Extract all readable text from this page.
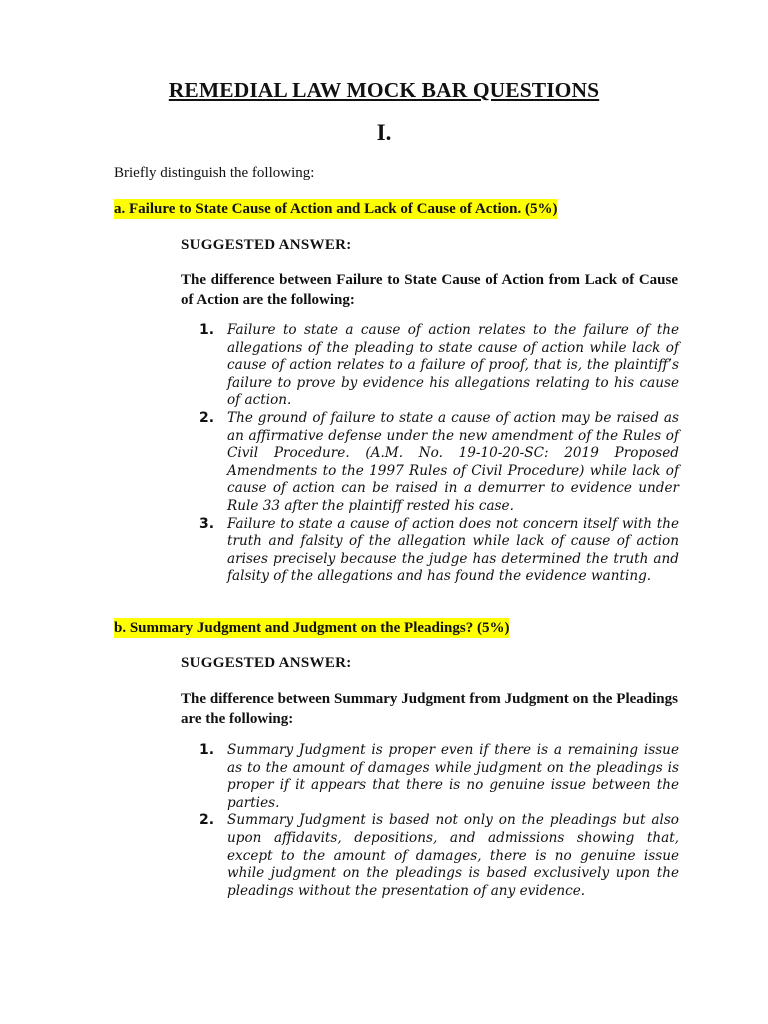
REMEDIAL LAW MOCK BAR QUESTIONS
I.
Briefly distinguish the following:
a. Failure to State Cause of Action and Lack of Cause of Action. (5%)
SUGGESTED ANSWER:
The difference between Failure to State Cause of Action from Lack of Cause of Action are the following:
1. Failure to state a cause of action relates to the failure of the allegations of the pleading to state cause of action while lack of cause of action relates to a failure of proof, that is, the plaintiff’s failure to prove by evidence his allegations relating to his cause of action.
2. The ground of failure to state a cause of action may be raised as an affirmative defense under the new amendment of the Rules of Civil Procedure. (A.M. No. 19-10-20-SC: 2019 Proposed Amendments to the 1997 Rules of Civil Procedure) while lack of cause of action can be raised in a demurrer to evidence under Rule 33 after the plaintiff rested his case.
3. Failure to state a cause of action does not concern itself with the truth and falsity of the allegation while lack of cause of action arises precisely because the judge has determined the truth and falsity of the allegations and has found the evidence wanting.
b. Summary Judgment and Judgment on the Pleadings? (5%)
SUGGESTED ANSWER:
The difference between Summary Judgment from Judgment on the Pleadings are the following:
1. Summary Judgment is proper even if there is a remaining issue as to the amount of damages while judgment on the pleadings is proper if it appears that there is no genuine issue between the parties.
2. Summary Judgment is based not only on the pleadings but also upon affidavits, depositions, and admissions showing that, except to the amount of damages, there is no genuine issue while judgment on the pleadings is based exclusively upon the pleadings without the presentation of any evidence.
